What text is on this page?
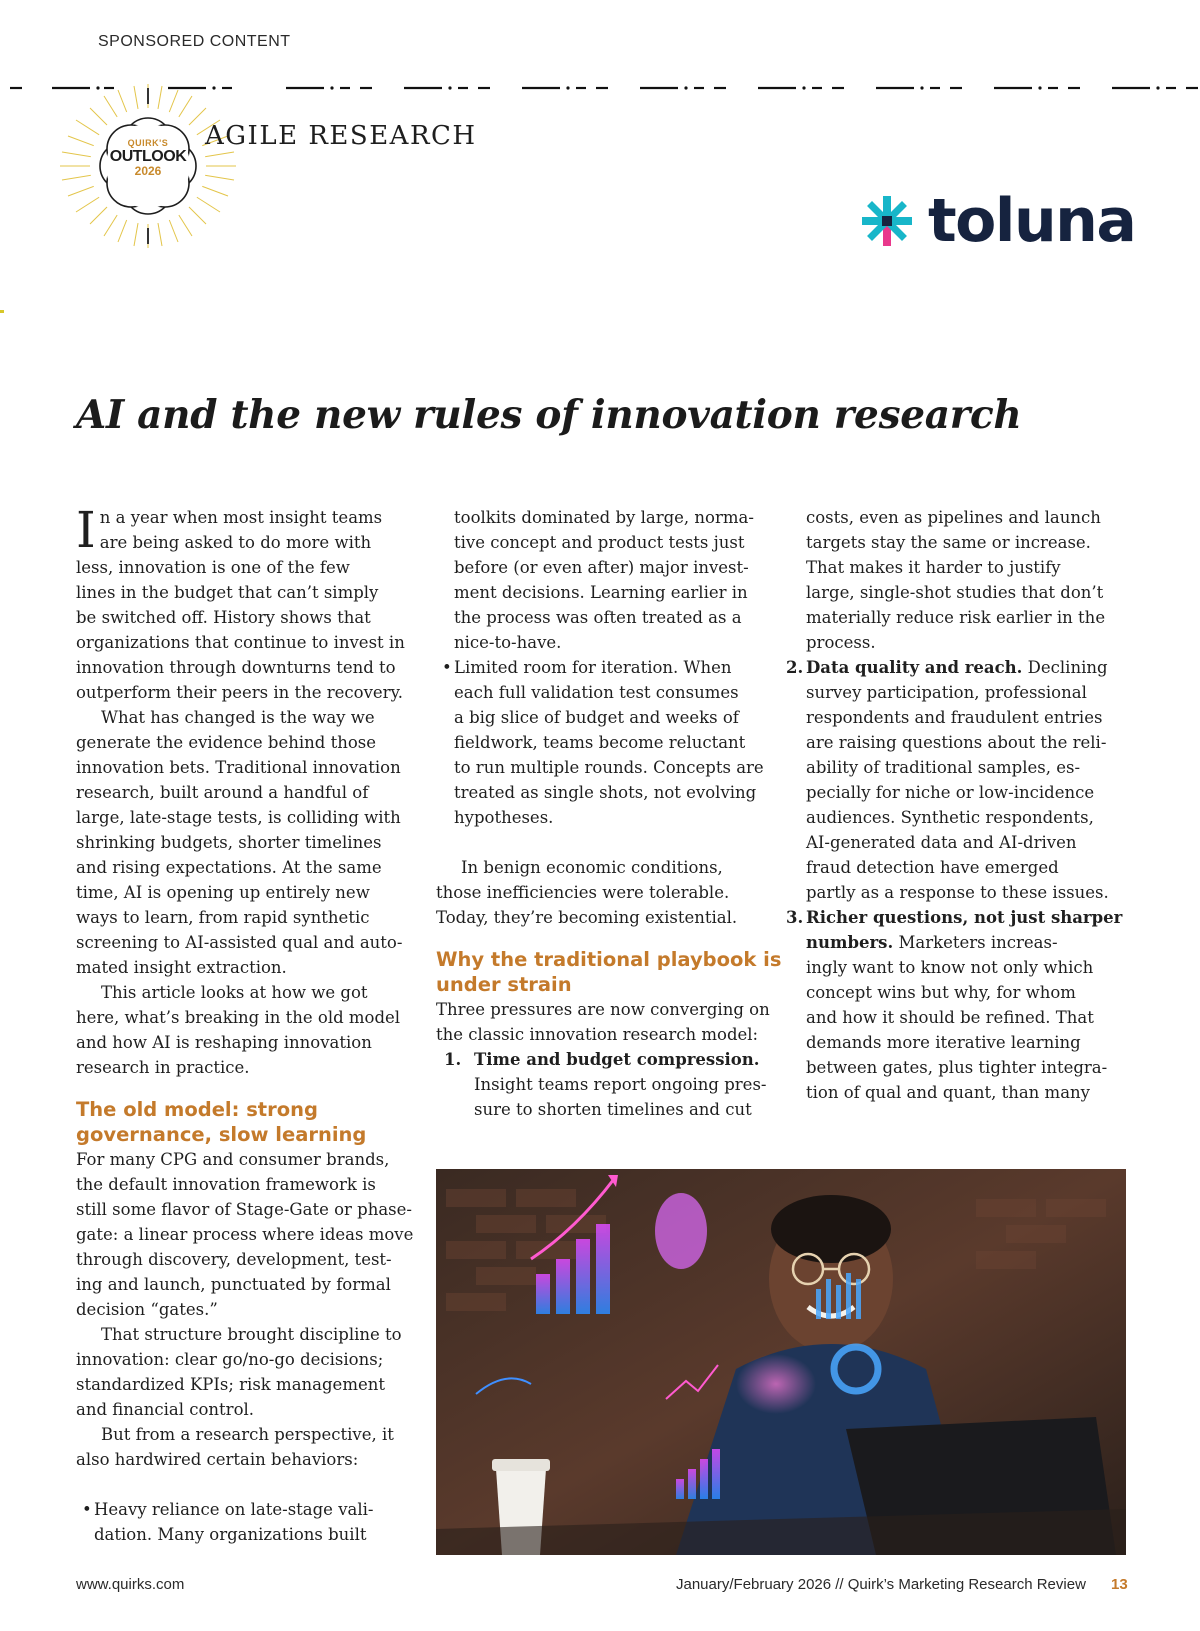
SPONSORED CONTENT
QUIRK'S
OUTLOOK
2026
AGILE RESEARCH
toluna
AI and the new rules of innovation research
I n a year when most insight teams

are being asked to do more with

less, innovation is one of the few

lines in the budget that can’t simply

be switched off. History shows that

organizations that continue to invest in

innovation through downturns tend to

outperform their peers in the recovery.

What has changed is the way we

generate the evidence behind those

innovation bets. Traditional innovation

research, built around a handful of

large, late-stage tests, is colliding with

shrinking budgets, shorter timelines

and rising expectations. At the same

time, AI is opening up entirely new

ways to learn, from rapid synthetic

screening to AI-assisted qual and auto-

mated insight extraction.

This article looks at how we got

here, what’s breaking in the old model

and how AI is reshaping innovation

research in practice.

The old model: strong
governance, slow learning

For many CPG and consumer brands,

the default innovation framework is

still some flavor of Stage-Gate or phase-

gate: a linear process where ideas move

through discovery, development, test-

ing and launch, punctuated by formal

decision “gates.”

That structure brought discipline to

innovation: clear go/no-go decisions;

standardized KPIs; risk management

and financial control.

But from a research perspective, it

also hardwired certain behaviors:

• Heavy reliance on late-stage vali-

dation. Many organizations built

toolkits dominated by large, norma-

tive concept and product tests just

before (or even after) major invest-

ment decisions. Learning earlier in

the process was often treated as a

nice-to-have.

• Limited room for iteration. When

each full validation test consumes

a big slice of budget and weeks of

fieldwork, teams become reluctant

to run multiple rounds. Concepts are

treated as single shots, not evolving

hypotheses.

In benign economic conditions,

those inefficiencies were tolerable.

Today, they’re becoming existential.

Why the traditional playbook is
under strain

Three pressures are now converging on

the classic innovation research model:

1. Time and budget compression.

Insight teams report ongoing pres-

sure to shorten timelines and cut

costs, even as pipelines and launch

targets stay the same or increase.

That makes it harder to justify

large, single-shot studies that don’t

materially reduce risk earlier in the

process.

2. Data quality and reach. Declining

survey participation, professional

respondents and fraudulent entries

are raising questions about the reli-

ability of traditional samples, es-

pecially for niche or low-incidence

audiences. Synthetic respondents,

AI-generated data and AI-driven

fraud detection have emerged

partly as a response to these issues.

3. Richer questions, not just sharper

numbers. Marketers increas-

ingly want to know not only which

concept wins but why, for whom

and how it should be refined. That

demands more iterative learning

between gates, plus tighter integra-

tion of qual and quant, than many

www.quirks.com	January/February 2026 // Quirk’s Marketing Research Review 13
